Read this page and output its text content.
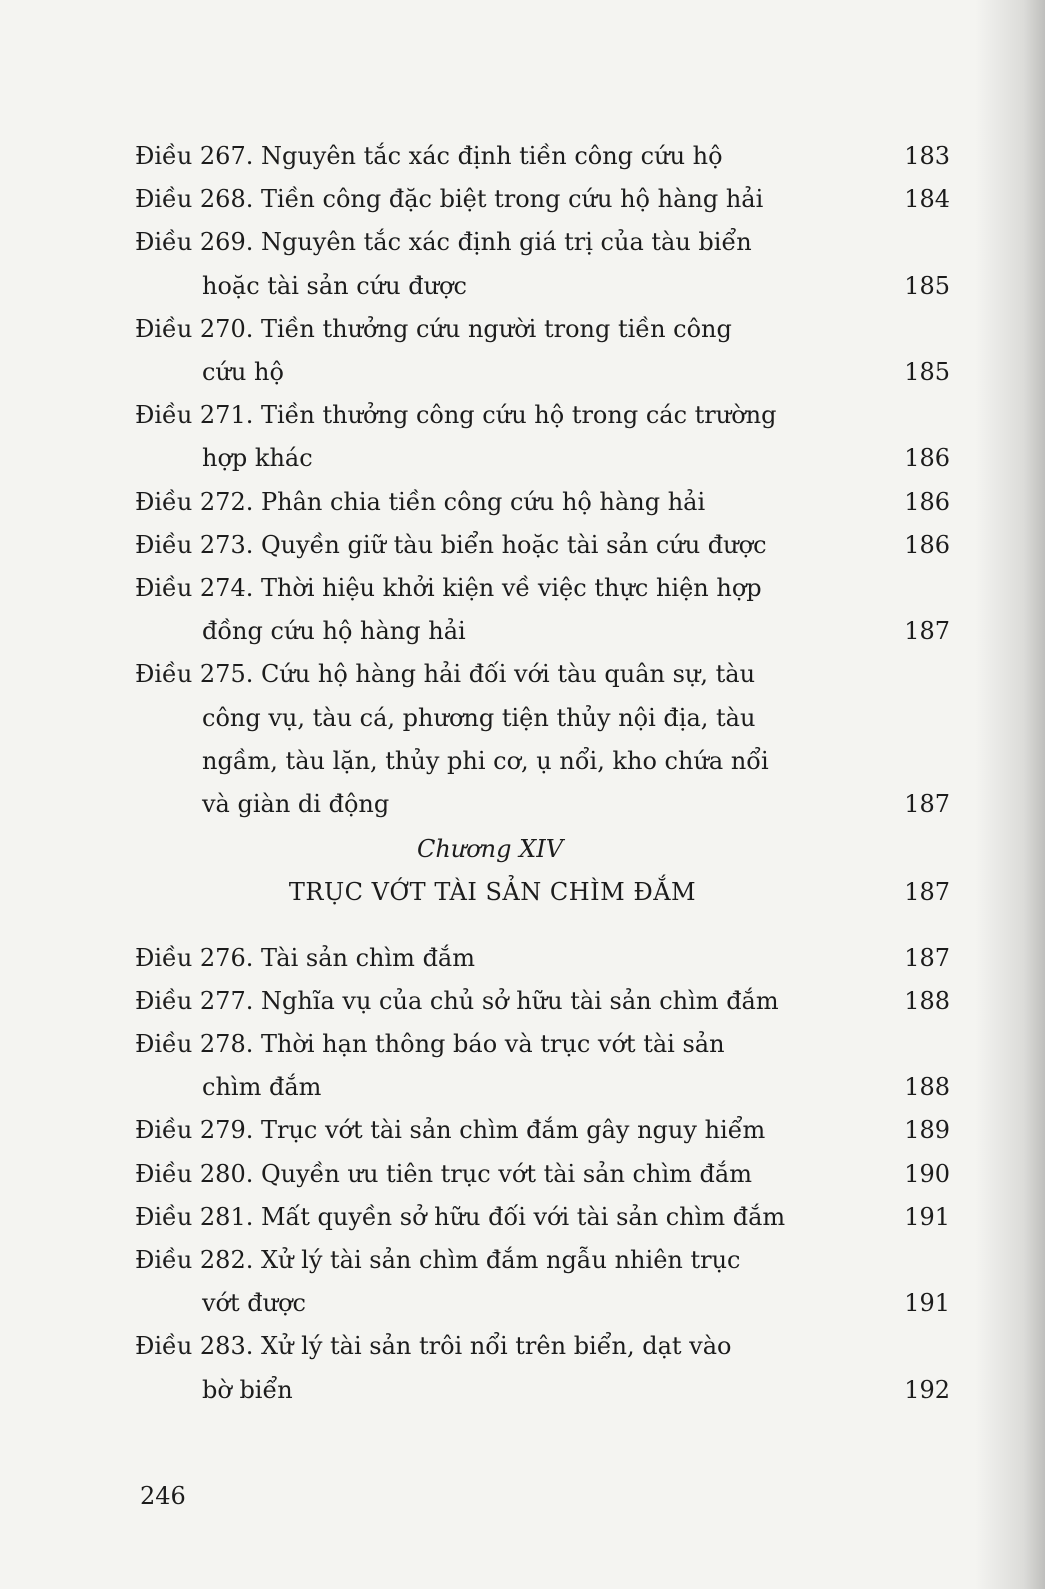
Điều 267. Nguyên tắc xác định tiền công cứu hộ	183
Điều 268. Tiền công đặc biệt trong cứu hộ hàng hải	184
Điều 269. Nguyên tắc xác định giá trị của tàu biển
hoặc tài sản cứu được	185
Điều 270. Tiền thưởng cứu người trong tiền công
cứu hộ	185
Điều 271. Tiền thưởng công cứu hộ trong các trường
hợp khác	186
Điều 272. Phân chia tiền công cứu hộ hàng hải	186
Điều 273. Quyền giữ tàu biển hoặc tài sản cứu được	186
Điều 274. Thời hiệu khởi kiện về việc thực hiện hợp
đồng cứu hộ hàng hải	187
Điều 275. Cứu hộ hàng hải đối với tàu quân sự, tàu
công vụ, tàu cá, phương tiện thủy nội địa, tàu
ngầm, tàu lặn, thủy phi cơ, ụ nổi, kho chứa nổi
và giàn di động	187
Chương XIV
TRỤC VỚT TÀI SẢN CHÌM ĐẮM	187
Điều 276. Tài sản chìm đắm	187
Điều 277. Nghĩa vụ của chủ sở hữu tài sản chìm đắm	188
Điều 278. Thời hạn thông báo và trục vớt tài sản
chìm đắm	188
Điều 279. Trục vớt tài sản chìm đắm gây nguy hiểm	189
Điều 280. Quyền ưu tiên trục vớt tài sản chìm đắm	190
Điều 281. Mất quyền sở hữu đối với tài sản chìm đắm	191
Điều 282. Xử lý tài sản chìm đắm ngẫu nhiên trục
vớt được	191
Điều 283. Xử lý tài sản trôi nổi trên biển, dạt vào
bờ biển	192
246
